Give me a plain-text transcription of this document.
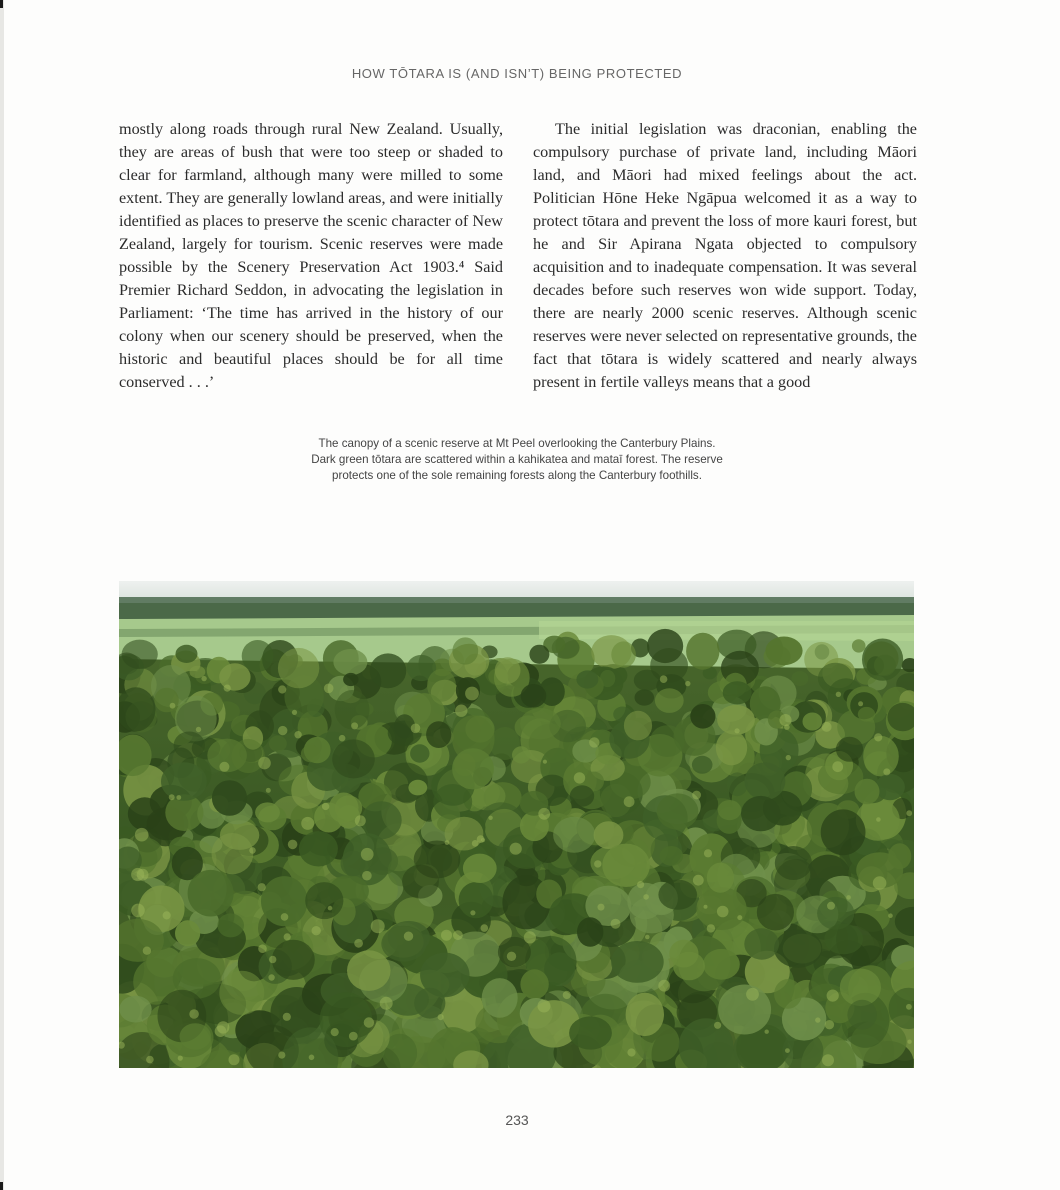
HOW TŌTARA IS (AND ISN’T) BEING PROTECTED

mostly along roads through rural New Zealand. Usually, they are areas of bush that were too steep or shaded to clear for farmland, although many were milled to some extent. They are generally lowland areas, and were initially identified as places to preserve the scenic character of New Zealand, largely for tourism. Scenic reserves were made possible by the Scenery Preservation Act 1903.⁴ Said Premier Richard Seddon, in advocating the legislation in Parliament: ‘The time has arrived in the history of our colony when our scenery should be preserved, when the historic and beautiful places should be for all time conserved . . .’

The initial legislation was draconian, enabling the compulsory purchase of private land, including Māori land, and Māori had mixed feelings about the act. Politician Hōne Heke Ngāpua welcomed it as a way to protect tōtara and prevent the loss of more kauri forest, but he and Sir Apirana Ngata objected to compulsory acquisition and to inadequate compensation. It was several decades before such reserves won wide support. Today, there are nearly 2000 scenic reserves. Although scenic reserves were never selected on representative grounds, the fact that tōtara is widely scattered and nearly always present in fertile valleys means that a good

The canopy of a scenic reserve at Mt Peel overlooking the Canterbury Plains.
Dark green tōtara are scattered within a kahikatea and mataī forest. The reserve
protects one of the sole remaining forests along the Canterbury foothills.
233
